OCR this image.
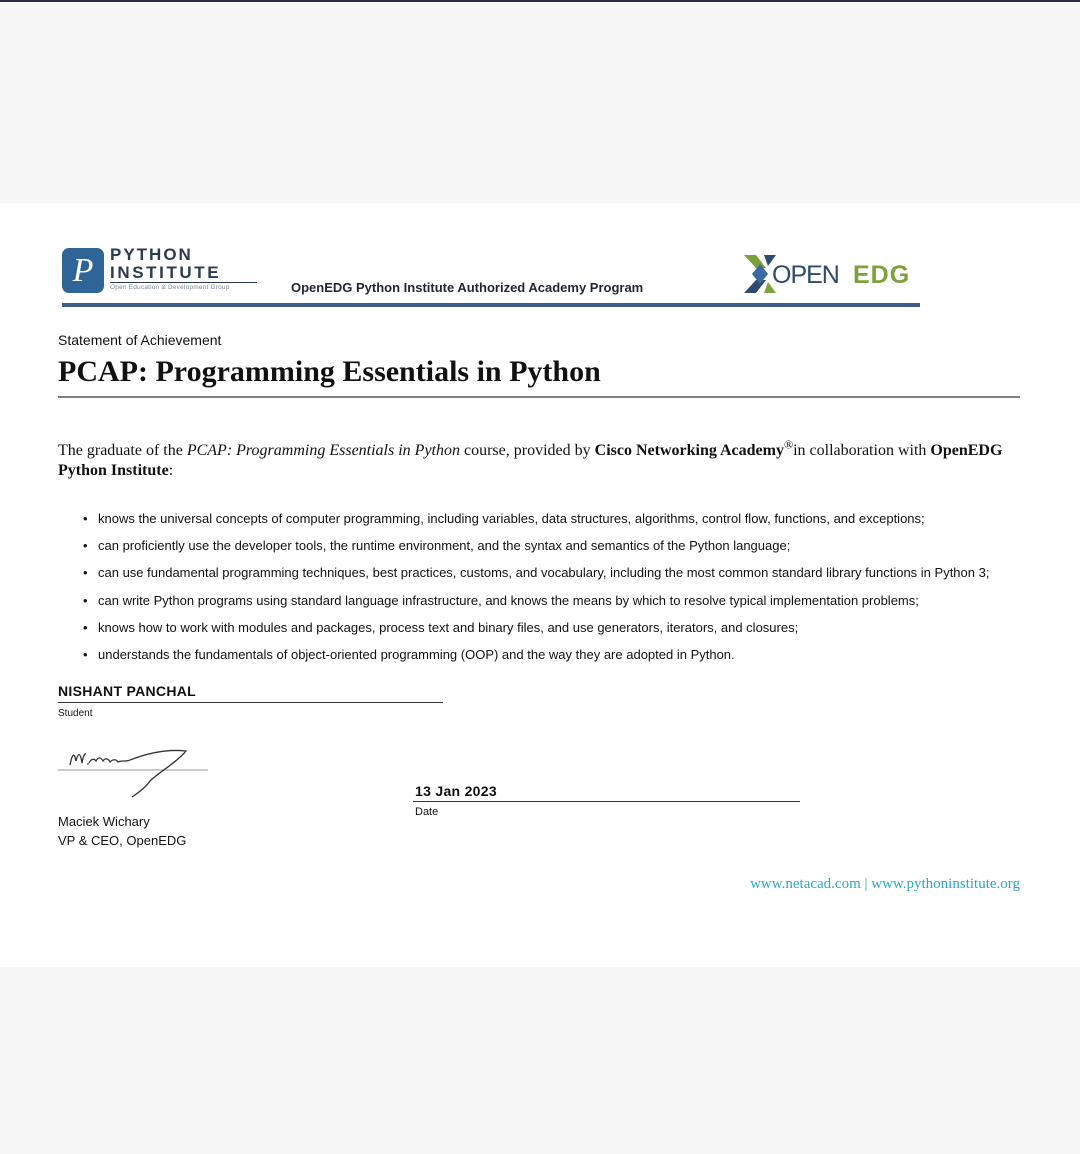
P PYTHON
INSTITUTE
Open Education & Development Group	OpenEDG Python Institute Authorized Academy Program	OPEN EDG
Statement of Achievement
PCAP: Programming Essentials in Python
The graduate of the PCAP: Programming Essentials in Python course, provided by Cisco Networking Academy®in collaboration with OpenEDG Python Institute:
• knows the universal concepts of computer programming, including variables, data structures, algorithms, control flow, functions, and exceptions;
• can proficiently use the developer tools, the runtime environment, and the syntax and semantics of the Python language;
• can use fundamental programming techniques, best practices, customs, and vocabulary, including the most common standard library functions in Python 3;
• can write Python programs using standard language infrastructure, and knows the means by which to resolve typical implementation problems;
• knows how to work with modules and packages, process text and binary files, and use generators, iterators, and closures;
• understands the fundamentals of object-oriented programming (OOP) and the way they are adopted in Python.
NISHANT PANCHAL
Student
Maciek Wichary
VP & CEO, OpenEDG
13 Jan 2023
Date
www.netacad.com | www.pythoninstitute.org
